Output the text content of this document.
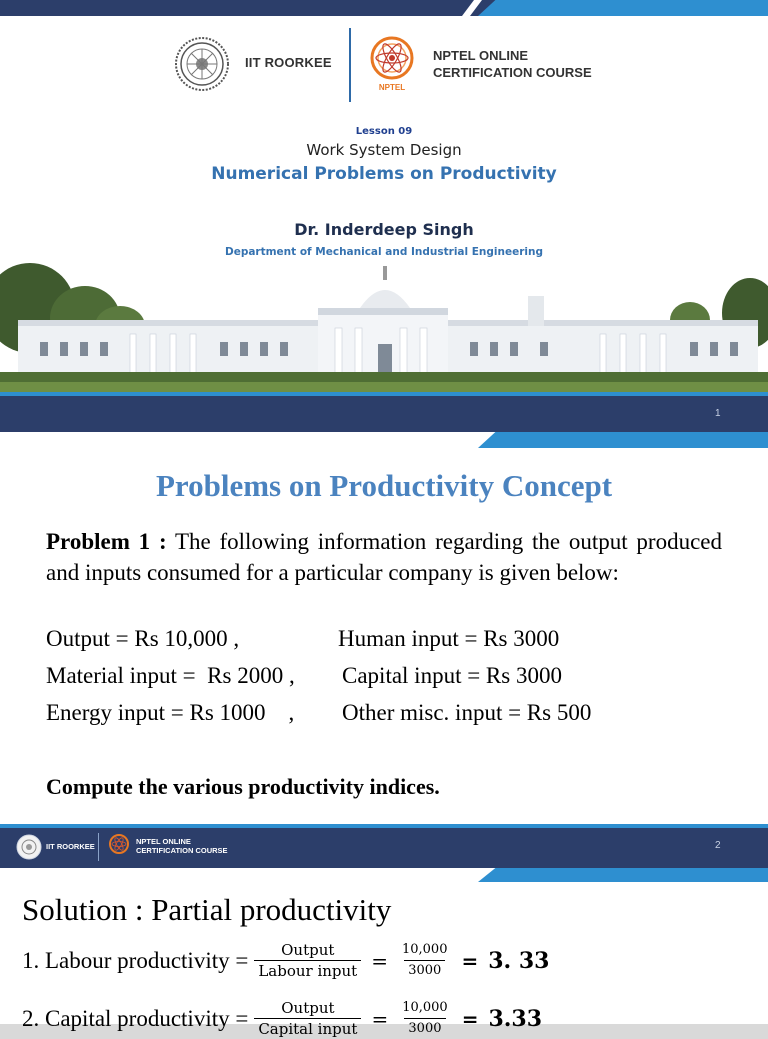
IIT ROORKEE
NPTEL
NPTEL ONLINE
CERTIFICATION COURSE
Lesson 09
Work System Design
Numerical Problems on Productivity
Dr. Inderdeep Singh
Department of Mechanical and Industrial Engineering
1
Problems on Productivity Concept
Problem 1 : The following information regarding the output produced and inputs consumed for a particular company is given below:
Output = Rs 10,000 ,	Human input = Rs 3000
Material input =  Rs 2000 , Capital input = Rs 3000
Energy input = Rs 1000    , Other misc. input = Rs 500
Compute the various productivity indices.
IIT ROORKEE
NPTEL ONLINE
CERTIFICATION COURSE	2
Solution : Partial productivity
1. Labour productivity = $\frac{\text{Output}}{\text{Labour input}} = \frac{10,000}{3000} = 3$. 33
2. Capital productivity = $\frac{\text{Output}}{\text{Capital input}} = \frac{10,000}{3000} = 3.33$
